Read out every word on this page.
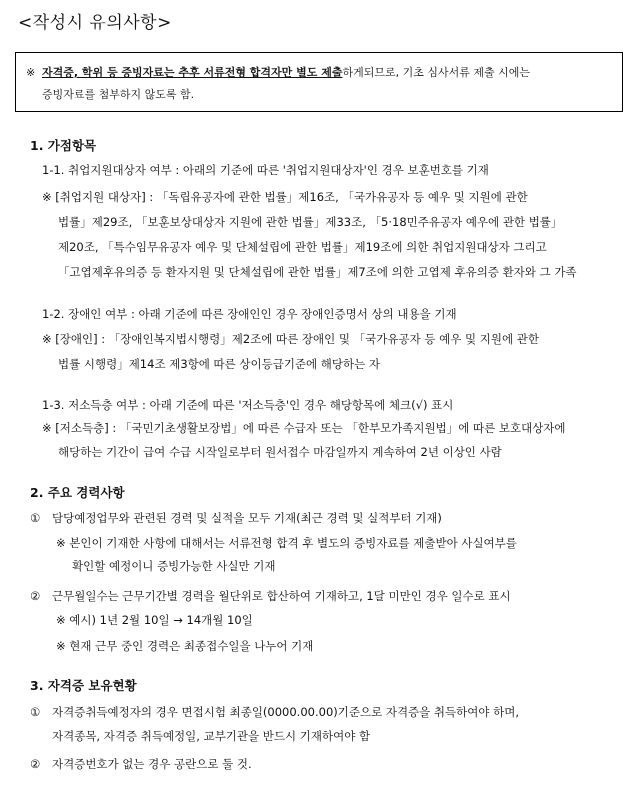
<작성시 유의사항>
※ 자격증, 학위 등 증빙자료는 추후 서류전형 합격자만 별도 제출하게되므로, 기초 심사서류 제출 시에는
증빙자료를 첨부하지 않도록 함.
1. 가점항목
1-1. 취업지원대상자 여부 : 아래의 기준에 따른 '취업지원대상자'인 경우 보훈번호를 기재
※ [취업지원 대상자] : 「독립유공자에 관한 법률」제16조, 「국가유공자 등 예우 및 지원에 관한
법률」제29조, 「보훈보상대상자 지원에 관한 법률」제33조, 「5·18민주유공자 예우에 관한 법률」
제20조, 「특수임무유공자 예우 및 단체설립에 관한 법률」제19조에 의한 취업지원대상자 그리고
「고엽제후유의증 등 환자지원 및 단체설립에 관한 법률」제7조에 의한 고엽제 후유의증 환자와 그 가족
1-2. 장애인 여부 : 아래 기준에 따른 장애인인 경우 장애인증명서 상의 내용을 기재
※ [장애인] : 「장애인복지법시행령」제2조에 따른 장애인 및 「국가유공자 등 예우 및 지원에 관한
법률 시행령」제14조 제3항에 따른 상이등급기준에 해당하는 자
1-3. 저소득층 여부 : 아래 기준에 따른 '저소득층'인 경우 해당항목에 체크(√) 표시
※ [저소득층] : 「국민기초생활보장법」에 따른 수급자 또는 「한부모가족지원법」에 따른 보호대상자에
해당하는 기간이 급여 수급 시작일로부터 원서접수 마감일까지 계속하여 2년 이상인 사람
2. 주요 경력사항
① 담당예정업무와 관련된 경력 및 실적을 모두 기재(최근 경력 및 실적부터 기재)
※ 본인이 기재한 사항에 대해서는 서류전형 합격 후 별도의 증빙자료를 제출받아 사실여부를
확인할 예정이니 증빙가능한 사실만 기재
② 근무월일수는 근무기간별 경력을 월단위로 합산하여 기재하고, 1달 미만인 경우 일수로 표시
※ 예시) 1년 2월 10일 → 14개월 10일
※ 현재 근무 중인 경력은 최종접수일을 나누어 기재
3. 자격증 보유현황
① 자격증취득예정자의 경우 면접시험 최종일(0000.00.00)기준으로 자격증을 취득하여야 하며,
자격종목, 자격증 취득예정일, 교부기관을 반드시 기재하여야 함
② 자격증번호가 없는 경우 공란으로 둘 것.
